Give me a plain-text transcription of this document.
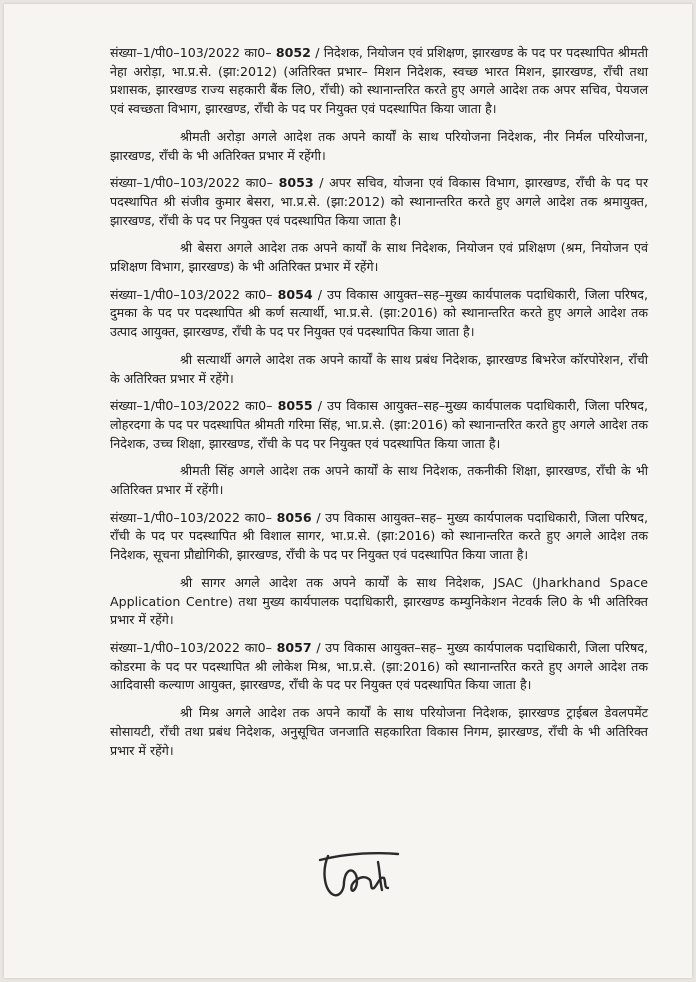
संख्या–1/पी0–103/2022 का0– 8052 / निदेशक, नियोजन एवं प्रशिक्षण, झारखण्ड के पद पर पदस्थापित श्रीमती नेहा अरोड़ा, भा.प्र.से. (झा:2012) (अतिरिक्त प्रभार– मिशन निदेशक, स्वच्छ भारत मिशन, झारखण्ड, राँची तथा प्रशासक, झारखण्ड राज्य सहकारी बैंक लि0, राँची) को स्थानान्तरित करते हुए अगले आदेश तक अपर सचिव, पेयजल एवं स्वच्छता विभाग, झारखण्ड, राँची के पद पर नियुक्त एवं पदस्थापित किया जाता है।

श्रीमती अरोड़ा अगले आदेश तक अपने कार्यों के साथ परियोजना निदेशक, नीर निर्मल परियोजना, झारखण्ड, राँची के भी अतिरिक्त प्रभार में रहेंगी।

संख्या–1/पी0–103/2022 का0– 8053 / अपर सचिव, योजना एवं विकास विभाग, झारखण्ड, राँची के पद पर पदस्थापित श्री संजीव कुमार बेसरा, भा.प्र.से. (झा:2012) को स्थानान्तरित करते हुए अगले आदेश तक श्रमायुक्त, झारखण्ड, राँची के पद पर नियुक्त एवं पदस्थापित किया जाता है।

श्री बेसरा अगले आदेश तक अपने कार्यों के साथ निदेशक, नियोजन एवं प्रशिक्षण (श्रम, नियोजन एवं प्रशिक्षण विभाग, झारखण्ड) के भी अतिरिक्त प्रभार में रहेंगे।

संख्या–1/पी0–103/2022 का0– 8054 / उप विकास आयुक्त–सह–मुख्य कार्यपालक पदाधिकारी, जिला परिषद, दुमका के पद पर पदस्थापित श्री कर्ण सत्यार्थी, भा.प्र.से. (झा:2016) को स्थानान्तरित करते हुए अगले आदेश तक उत्पाद आयुक्त, झारखण्ड, राँची के पद पर नियुक्त एवं पदस्थापित किया जाता है।

श्री सत्यार्थी अगले आदेश तक अपने कार्यों के साथ प्रबंध निदेशक, झारखण्ड बिभरेज कॉरपोरेशन, राँची के अतिरिक्त प्रभार में रहेंगे।

संख्या–1/पी0–103/2022 का0– 8055 / उप विकास आयुक्त–सह–मुख्य कार्यपालक पदाधिकारी, जिला परिषद, लोहरदगा के पद पर पदस्थापित श्रीमती गरिमा सिंह, भा.प्र.से. (झा:2016) को स्थानान्तरित करते हुए अगले आदेश तक निदेशक, उच्च शिक्षा, झारखण्ड, राँची के पद पर नियुक्त एवं पदस्थापित किया जाता है।

श्रीमती सिंह अगले आदेश तक अपने कार्यों के साथ निदेशक, तकनीकी शिक्षा, झारखण्ड, राँची के भी अतिरिक्त प्रभार में रहेंगी।

संख्या–1/पी0–103/2022 का0– 8056 / उप विकास आयुक्त–सह– मुख्य कार्यपालक पदाधिकारी, जिला परिषद, राँची के पद पर पदस्थापित श्री विशाल सागर, भा.प्र.से. (झा:2016) को स्थानान्तरित करते हुए अगले आदेश तक निदेशक, सूचना प्रौद्योगिकी, झारखण्ड, राँची के पद पर नियुक्त एवं पदस्थापित किया जाता है।

श्री सागर अगले आदेश तक अपने कार्यों के साथ निदेशक, JSAC (Jharkhand Space Application Centre) तथा मुख्य कार्यपालक पदाधिकारी, झारखण्ड कम्युनिकेशन नेटवर्क लि0 के भी अतिरिक्त प्रभार में रहेंगे।

संख्या–1/पी0–103/2022 का0– 8057 / उप विकास आयुक्त–सह– मुख्य कार्यपालक पदाधिकारी, जिला परिषद, कोडरमा के पद पर पदस्थापित श्री लोकेश मिश्र, भा.प्र.से. (झा:2016) को स्थानान्तरित करते हुए अगले आदेश तक आदिवासी कल्याण आयुक्त, झारखण्ड, राँची के पद पर नियुक्त एवं पदस्थापित किया जाता है।

श्री मिश्र अगले आदेश तक अपने कार्यों के साथ परियोजना निदेशक, झारखण्ड ट्राईबल डेवलपमेंट सोसायटी, राँची तथा प्रबंध निदेशक, अनुसूचित जनजाति सहकारिता विकास निगम, झारखण्ड, राँची के भी अतिरिक्त प्रभार में रहेंगे।
